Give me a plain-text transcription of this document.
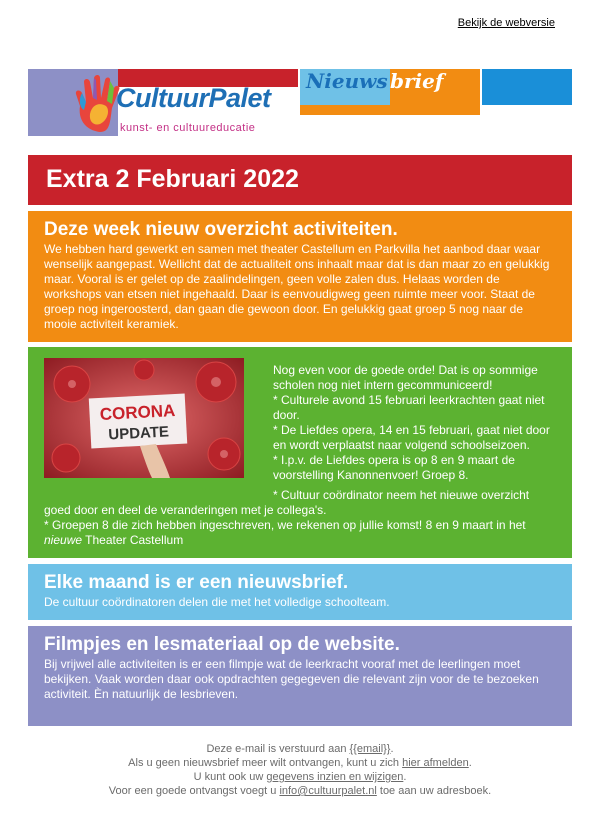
Bekijk de webversie
CultuurPalet
kunst- en cultuureducatie
Nieuws brief
Extra 2 Februari 2022
Deze week nieuw overzicht activiteiten.

We hebben hard gewerkt en samen met theater Castellum en Parkvilla het aanbod daar waar wenselijk aangepast. Wellicht dat de actualiteit ons inhaalt maar dat is dan maar zo en gelukkig maar. Vooral is er gelet op de zaalindelingen, geen volle zalen dus. Helaas worden de workshops van etsen niet ingehaald. Daar is eenvoudigweg geen ruimte meer voor. Staat de groep nog ingeroosterd, dan gaan die gewoon door. En gelukkig gaat groep 5 nog naar de mooie activiteit keramiek.

CORONA
UPDATE
Nog even voor de goede orde! Dat is op sommige scholen nog niet intern gecommuniceerd!
* Culturele avond 15 februari leerkrachten gaat niet door.
* De Liefdes opera, 14 en 15 februari, gaat niet door en wordt verplaatst naar volgend schoolseizoen.
* I.p.v. de Liefdes opera is op 8 en 9 maart de voorstelling Kanonnenvoer! Groep 8.
* Cultuur coördinator neem het nieuwe overzicht goed door en deel de veranderingen met je collega's.
* Groepen 8 die zich hebben ingeschreven, we rekenen op jullie komst! 8 en 9 maart in het nieuwe Theater Castellum
Elke maand is er een nieuwsbrief.

De cultuur coördinatoren delen die met het volledige schoolteam.

Filmpjes en lesmateriaal op de website.

Bij vrijwel alle activiteiten is er een filmpje wat de leerkracht vooraf met de leerlingen moet bekijken. Vaak worden daar ook opdrachten gegegeven die relevant zijn voor de te bezoeken activiteit. Èn natuurlijk de lesbrieven.

Deze e-mail is verstuurd aan {{email}}.
Als u geen nieuwsbrief meer wilt ontvangen, kunt u zich hier afmelden.
U kunt ook uw gegevens inzien en wijzigen.
Voor een goede ontvangst voegt u info@cultuurpalet.nl toe aan uw adresboek.
